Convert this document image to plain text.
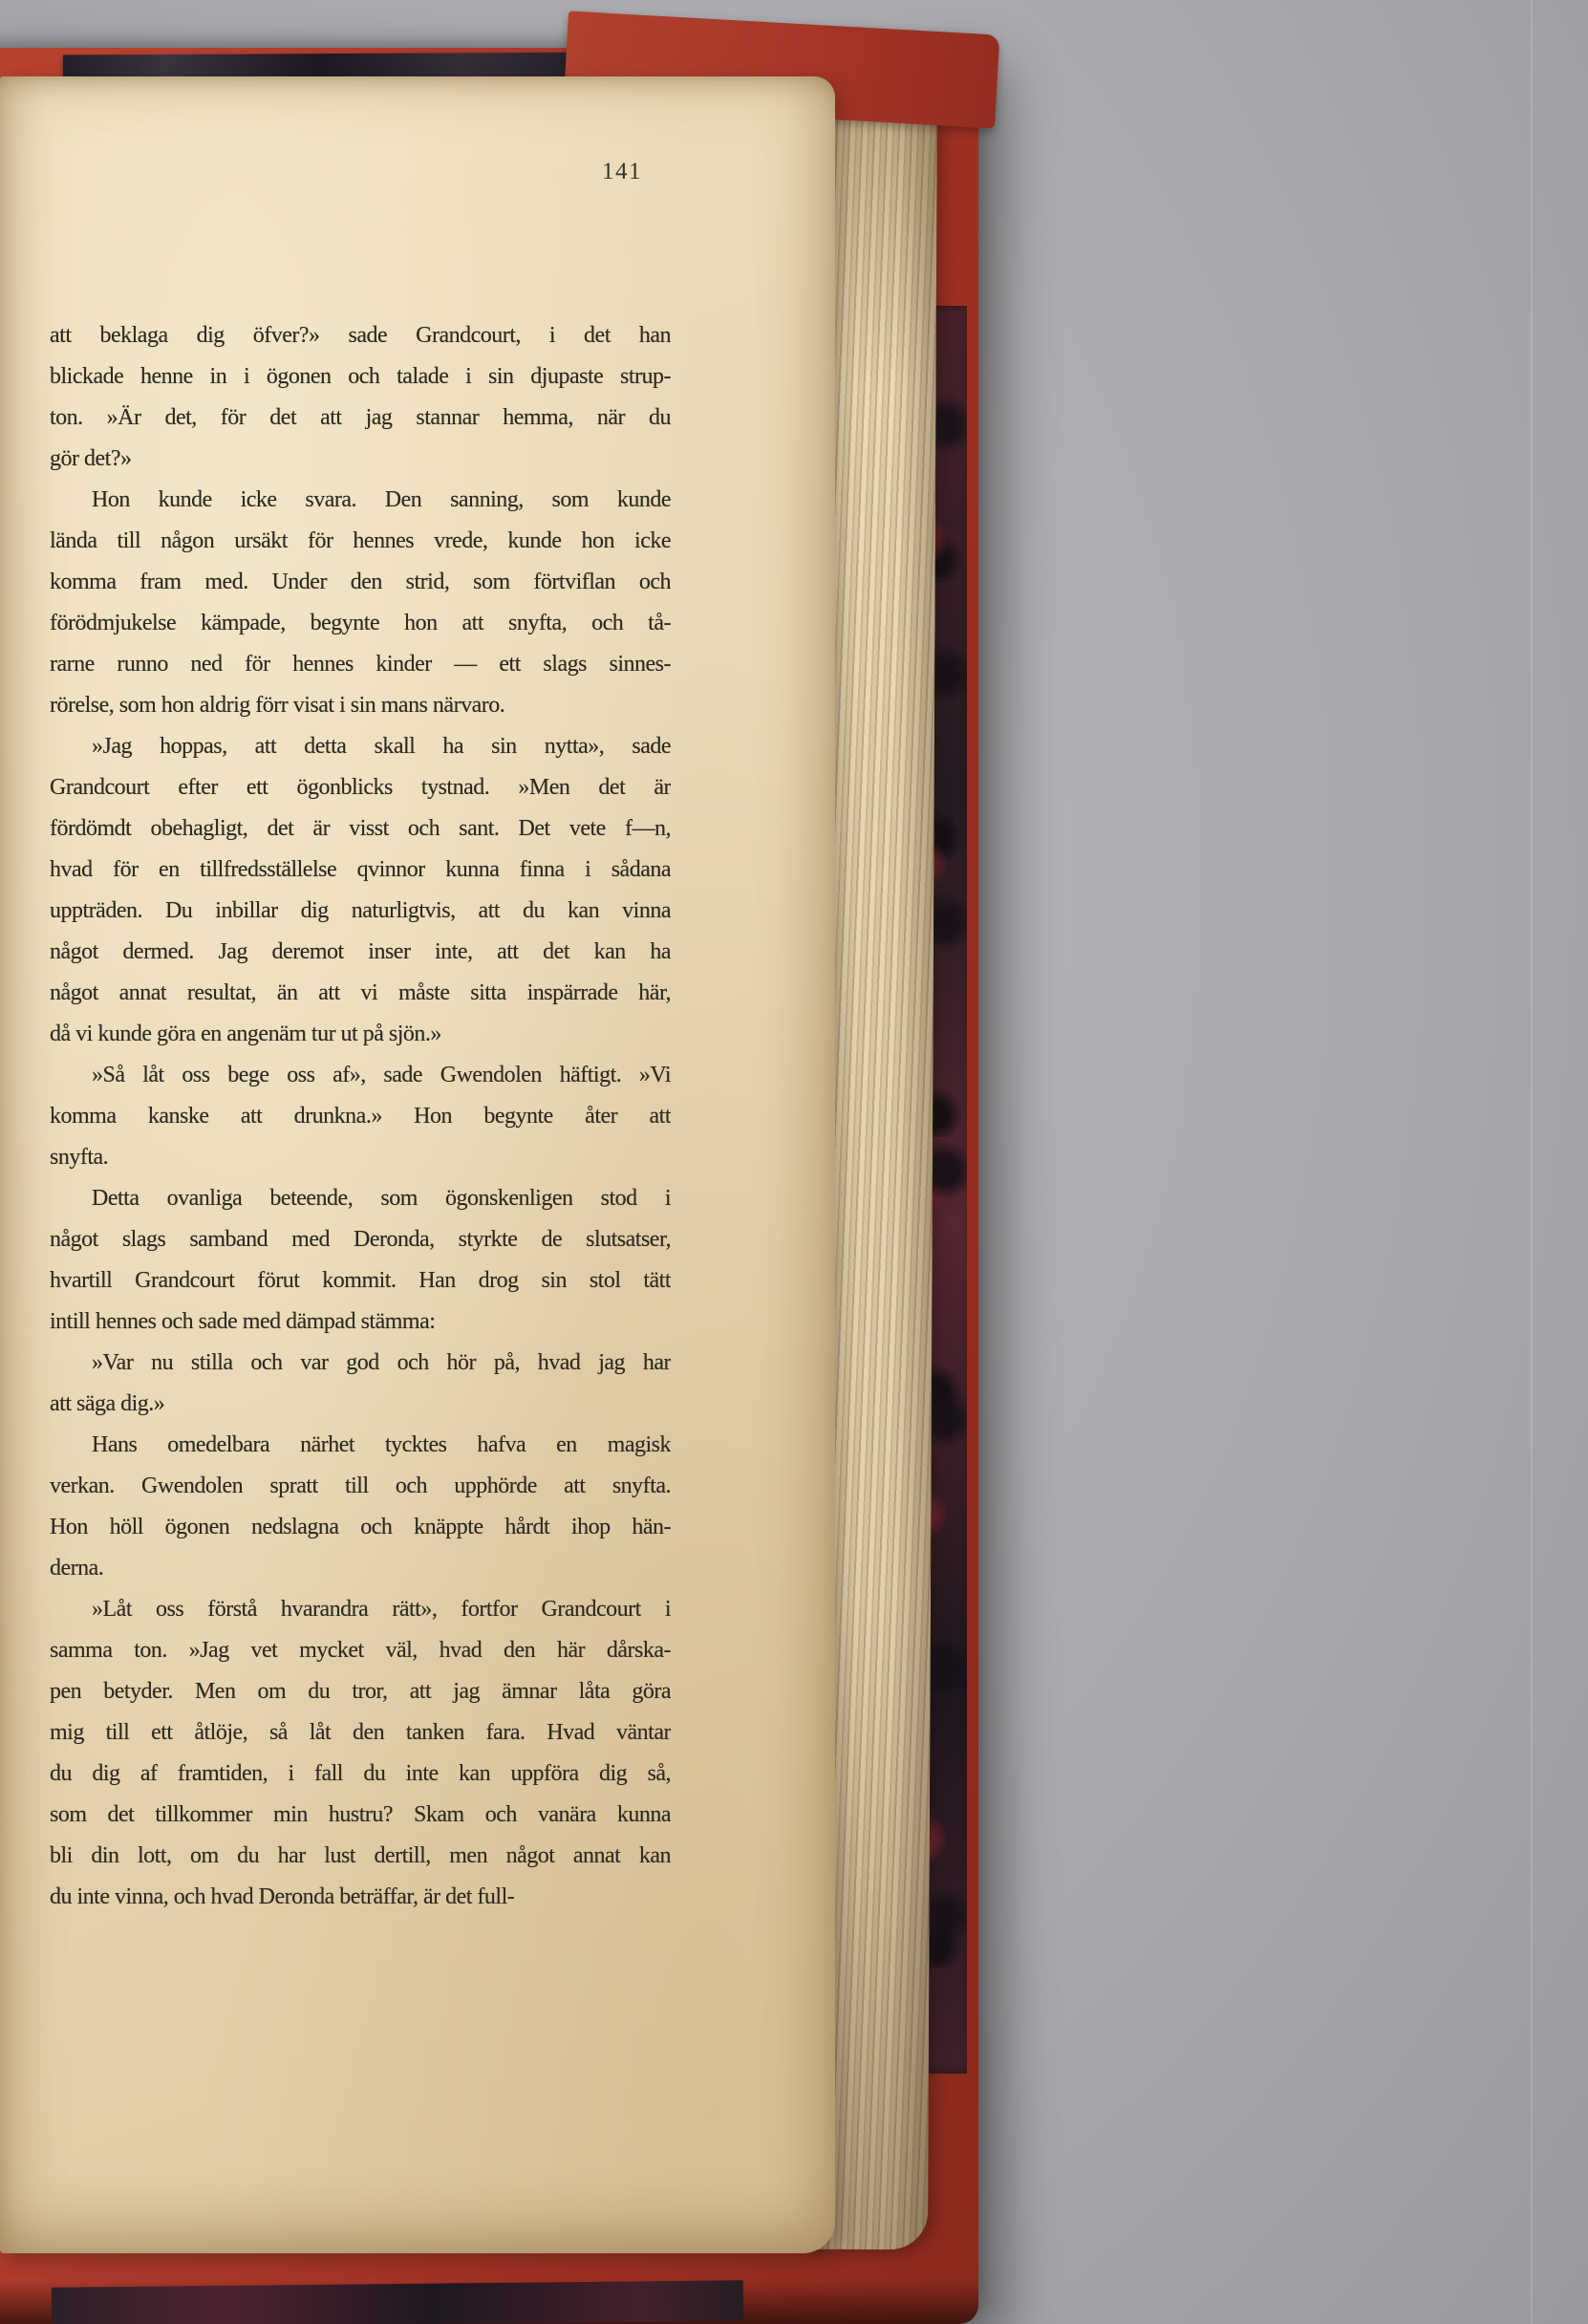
141
att beklaga dig öfver?» sade Grandcourt, i det han
blickade henne in i ögonen och talade i sin djupaste strup-
ton. »Är det, för det att jag stannar hemma, när du
gör det?»
Hon kunde icke svara. Den sanning, som kunde
lända till någon ursäkt för hennes vrede, kunde hon icke
komma fram med. Under den strid, som förtviflan och
förödmjukelse kämpade, begynte hon att snyfta, och tå-
rarne runno ned för hennes kinder — ett slags sinnes-
rörelse, som hon aldrig förr visat i sin mans närvaro.
»Jag hoppas, att detta skall ha sin nytta», sade
Grandcourt efter ett ögonblicks tystnad. »Men det är
fördömdt obehagligt, det är visst och sant. Det vete f—n,
hvad för en tillfredsställelse qvinnor kunna finna i sådana
uppträden. Du inbillar dig naturligtvis, att du kan vinna
något dermed. Jag deremot inser inte, att det kan ha
något annat resultat, än att vi måste sitta inspärrade här,
då vi kunde göra en angenäm tur ut på sjön.»
»Så låt oss bege oss af», sade Gwendolen häftigt. »Vi
komma kanske att drunkna.» Hon begynte åter att
snyfta.
Detta ovanliga beteende, som ögonskenligen stod i
något slags samband med Deronda, styrkte de slutsatser,
hvartill Grandcourt förut kommit. Han drog sin stol tätt
intill hennes och sade med dämpad stämma:
»Var nu stilla och var god och hör på, hvad jag har
att säga dig.»
Hans omedelbara närhet tycktes hafva en magisk
verkan. Gwendolen spratt till och upphörde att snyfta.
Hon höll ögonen nedslagna och knäppte hårdt ihop hän-
derna.
»Låt oss förstå hvarandra rätt», fortfor Grandcourt i
samma ton. »Jag vet mycket väl, hvad den här dårska-
pen betyder. Men om du tror, att jag ämnar låta göra
mig till ett åtlöje, så låt den tanken fara. Hvad väntar
du dig af framtiden, i fall du inte kan uppföra dig så,
som det tillkommer min hustru? Skam och vanära kunna
bli din lott, om du har lust dertill, men något annat kan
du inte vinna, och hvad Deronda beträffar, är det full-
